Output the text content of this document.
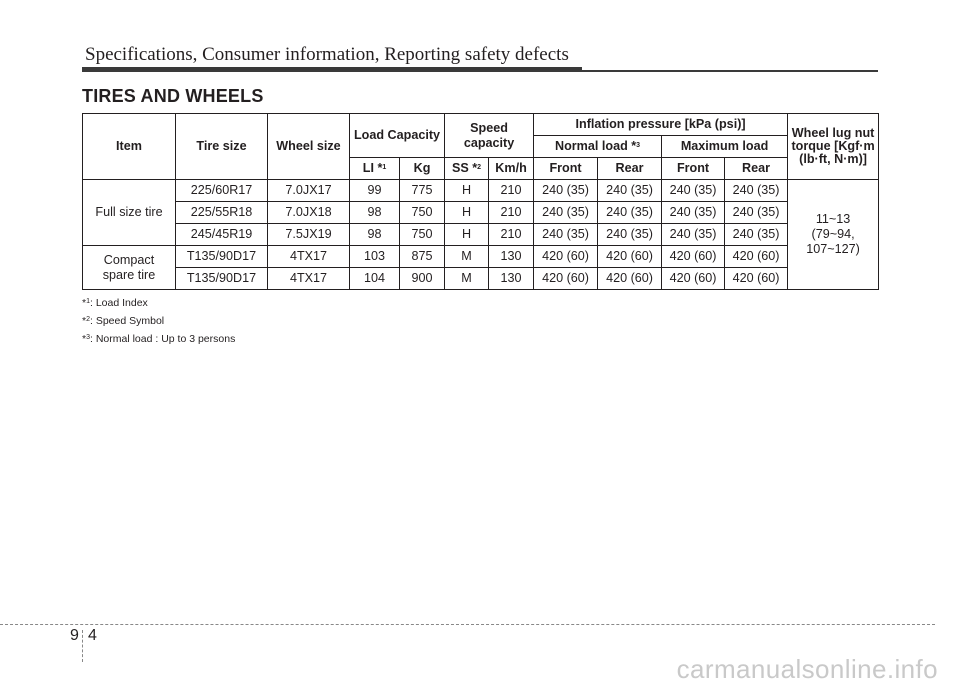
Specifications, Consumer information, Reporting safety defects
TIRES AND WHEELS
Item	Tire size	Wheel size	Load Capacity		Speed capacity		Inflation pressure [kPa (psi)]				Wheel lug nut torque [Kgf·m (lb·ft, N·m)]
							Normal load *$^3$		Maximum load		
			LI *$^1$	Kg	SS *$^2$	Km/h	Front	Rear	Front	Rear	
Full size tire	225/60R17	7.0JX17	99	775	H	210	240 (35)	240 (35)	240 (35)	240 (35)	11~13 (79~94, 107~127)
	225/55R18	7.0JX18	98	750	H	210	240 (35)	240 (35)	240 (35)	240 (35)	
	245/45R19	7.5JX19	98	750	H	210	240 (35)	240 (35)	240 (35)	240 (35)	
Compact spare tire	T135/90D17	4TX17	103	875	M	130	420 (60)	420 (60)	420 (60)	420 (60)	
	T135/90D17	4TX17	104	900	M	130	420 (60)	420 (60)	420 (60)	420 (60)	
*$^1$: Load Index
*$^2$: Speed Symbol
*$^3$: Normal load : Up to 3 persons
9 4
carmanualsonline.info
